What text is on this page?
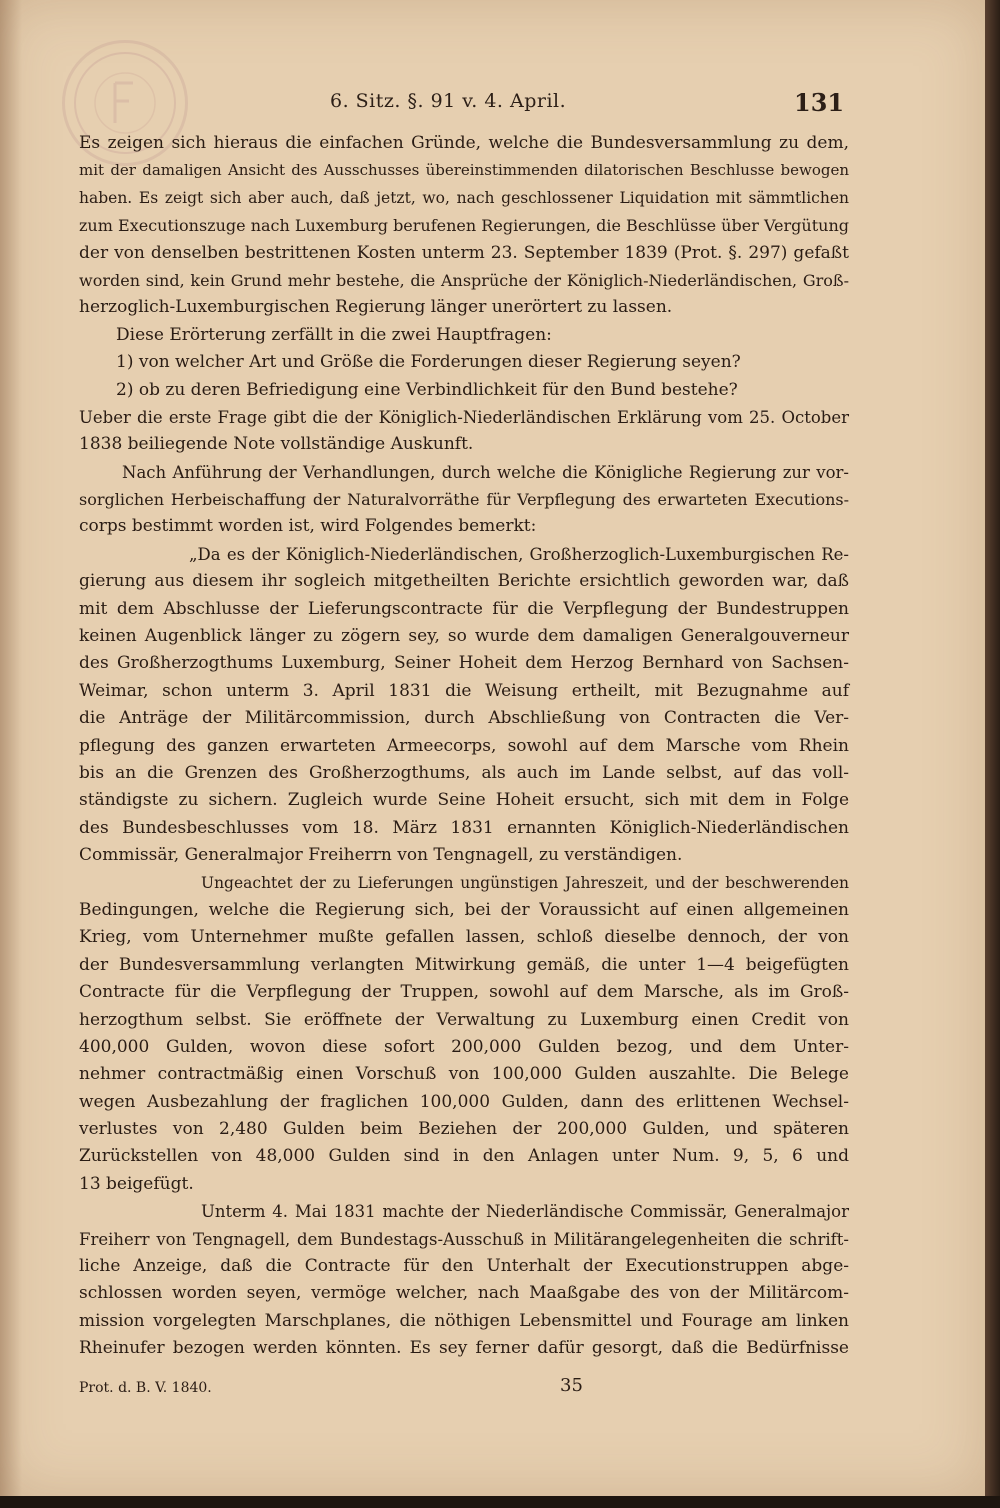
6. Sitz. §. 91 v. 4. April.	131
Es zeigen sich hieraus die einfachen Gründe, welche die Bundesversammlung zu dem,
mit der damaligen Ansicht des Ausschusses übereinstimmenden dilatorischen Beschlusse bewogen
haben. Es zeigt sich aber auch, daß jetzt, wo, nach geschlossener Liquidation mit sämmtlichen
zum Executionszuge nach Luxemburg berufenen Regierungen, die Beschlüsse über Vergütung
der von denselben bestrittenen Kosten unterm 23. September 1839 (Prot. §. 297) gefaßt
worden sind, kein Grund mehr bestehe, die Ansprüche der Königlich-Niederländischen, Groß-
herzoglich-Luxemburgischen Regierung länger unerörtert zu lassen.
Diese Erörterung zerfällt in die zwei Hauptfragen:
1) von welcher Art und Größe die Forderungen dieser Regierung seyen?
2) ob zu deren Befriedigung eine Verbindlichkeit für den Bund bestehe?
Ueber die erste Frage gibt die der Königlich-Niederländischen Erklärung vom 25. October
1838 beiliegende Note vollständige Auskunft.
Nach Anführung der Verhandlungen, durch welche die Königliche Regierung zur vor-
sorglichen Herbeischaffung der Naturalvorräthe für Verpflegung des erwarteten Executions-
corps bestimmt worden ist, wird Folgendes bemerkt:
„Da es der Königlich-Niederländischen, Großherzoglich-Luxemburgischen Re-
gierung aus diesem ihr sogleich mitgetheilten Berichte ersichtlich geworden war, daß
mit dem Abschlusse der Lieferungscontracte für die Verpflegung der Bundestruppen
keinen Augenblick länger zu zögern sey, so wurde dem damaligen Generalgouverneur
des Großherzogthums Luxemburg, Seiner Hoheit dem Herzog Bernhard von Sachsen-
Weimar, schon unterm 3. April 1831 die Weisung ertheilt, mit Bezugnahme auf
die Anträge der Militärcommission, durch Abschließung von Contracten die Ver-
pflegung des ganzen erwarteten Armeecorps, sowohl auf dem Marsche vom Rhein
bis an die Grenzen des Großherzogthums, als auch im Lande selbst, auf das voll-
ständigste zu sichern. Zugleich wurde Seine Hoheit ersucht, sich mit dem in Folge
des Bundesbeschlusses vom 18. März 1831 ernannten Königlich-Niederländischen
Commissär, Generalmajor Freiherrn von Tengnagell, zu verständigen.
Ungeachtet der zu Lieferungen ungünstigen Jahreszeit, und der beschwerenden
Bedingungen, welche die Regierung sich, bei der Voraussicht auf einen allgemeinen
Krieg, vom Unternehmer mußte gefallen lassen, schloß dieselbe dennoch, der von
der Bundesversammlung verlangten Mitwirkung gemäß, die unter 1—4 beigefügten
Contracte für die Verpflegung der Truppen, sowohl auf dem Marsche, als im Groß-
herzogthum selbst. Sie eröffnete der Verwaltung zu Luxemburg einen Credit von
400,000 Gulden, wovon diese sofort 200,000 Gulden bezog, und dem Unter-
nehmer contractmäßig einen Vorschuß von 100,000 Gulden auszahlte. Die Belege
wegen Ausbezahlung der fraglichen 100,000 Gulden, dann des erlittenen Wechsel-
verlustes von 2,480 Gulden beim Beziehen der 200,000 Gulden, und späteren
Zurückstellen von 48,000 Gulden sind in den Anlagen unter Num. 9, 5, 6 und
13 beigefügt.
Unterm 4. Mai 1831 machte der Niederländische Commissär, Generalmajor
Freiherr von Tengnagell, dem Bundestags-Ausschuß in Militärangelegenheiten die schrift-
liche Anzeige, daß die Contracte für den Unterhalt der Executionstruppen abge-
schlossen worden seyen, vermöge welcher, nach Maaßgabe des von der Militärcom-
mission vorgelegten Marschplanes, die nöthigen Lebensmittel und Fourage am linken
Rheinufer bezogen werden könnten. Es sey ferner dafür gesorgt, daß die Bedürfnisse
Prot. d. B. V. 1840.	35
